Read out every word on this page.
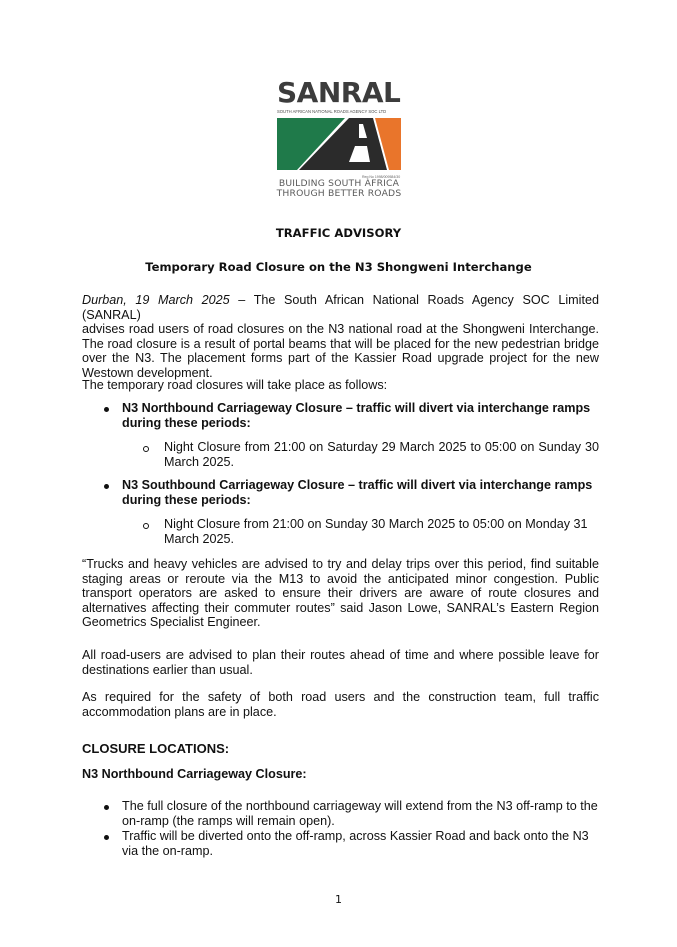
SANRAL
SOUTH AFRICAN NATIONAL ROADS AGENCY SOC LTD
Reg No 1998/009584/30
BUILDING SOUTH AFRICA
THROUGH BETTER ROADS
TRAFFIC ADVISORY
Temporary Road Closure on the N3 Shongweni Interchange
Durban, 19 March 2025 – The South African National Roads Agency SOC Limited (SANRAL)
advises road users of road closures on the N3 national road at the Shongweni Interchange.
The road closure is a result of portal beams that will be placed for the new pedestrian bridge
over the N3. The placement forms part of the Kassier Road upgrade project for the new
Westown development.
The temporary road closures will take place as follows:
N3 Northbound Carriageway Closure – traffic will divert via interchange ramps
during these periods:
Night Closure from 21:00 on Saturday 29 March 2025 to 05:00 on Sunday 30
March 2025.
N3 Southbound Carriageway Closure – traffic will divert via interchange ramps
during these periods:
Night Closure from 21:00 on Sunday 30 March 2025 to 05:00 on Monday 31
March 2025.
“Trucks and heavy vehicles are advised to try and delay trips over this period, find suitable
staging areas or reroute via the M13 to avoid the anticipated minor congestion. Public
transport operators are asked to ensure their drivers are aware of route closures and
alternatives affecting their commuter routes” said Jason Lowe, SANRAL’s Eastern Region
Geometrics Specialist Engineer.
All road-users are advised to plan their routes ahead of time and where possible leave for
destinations earlier than usual.
As required for the safety of both road users and the construction team, full traffic
accommodation plans are in place.
CLOSURE LOCATIONS:
N3 Northbound Carriageway Closure:
The full closure of the northbound carriageway will extend from the N3 off-ramp to the
on-ramp (the ramps will remain open).
Traffic will be diverted onto the off-ramp, across Kassier Road and back onto the N3
via the on-ramp.
1
